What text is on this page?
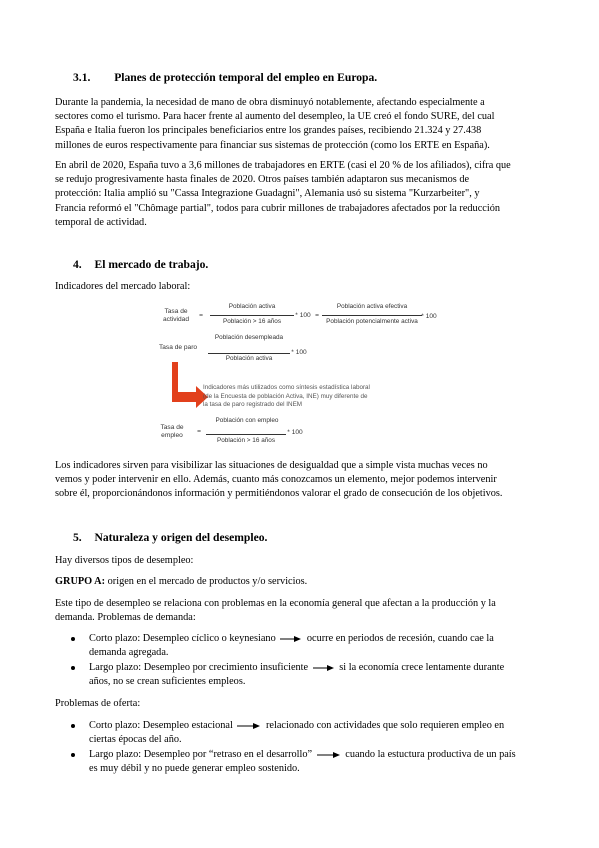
3.1. Planes de protección temporal del empleo en Europa.
Durante la pandemia, la necesidad de mano de obra disminuyó notablemente, afectando especialmente a
sectores como el turismo. Para hacer frente al aumento del desempleo, la UE creó el fondo SURE, del cual
España e Italia fueron los principales beneficiarios entre los grandes países, recibiendo 21.324 y 27.438
millones de euros respectivamente para financiar sus sistemas de protección (como los ERTE en España).
En abril de 2020, España tuvo a 3,6 millones de trabajadores en ERTE (casi el 20 % de los afiliados), cifra que
se redujo progresivamente hasta finales de 2020. Otros países también adaptaron sus mecanismos de
protección: Italia amplió su "Cassa Integrazione Guadagni", Alemania usó su sistema "Kurzarbeiter", y
Francia reformó el "Chômage partial", todos para cubrir millones de trabajadores afectados por la reducción
temporal de actividad.
4. El mercado de trabajo.
Indicadores del mercado laboral:
Tasa de actividad
=
Población activa
Población > 16 años
* 100 =
Población activa efectiva
Población potencialmente activa
* 100
Tasa de paro
Población desempleada
Población activa
* 100
Indicadores más utilizados como síntesis estadística laboral
(de la Encuesta de población Activa, INE) muy diferente de
la tasa de paro registrado del INEM
Tasa de empleo
=
Población con empleo
Población > 16 años
* 100
Los indicadores sirven para visibilizar las situaciones de desigualdad que a simple vista muchas veces no
vemos y poder intervenir en ello. Además, cuanto más conozcamos un elemento, mejor podemos intervenir
sobre él, proporcionándonos información y permitiéndonos valorar el grado de consecución de los objetivos.
5. Naturaleza y origen del desempleo.
Hay diversos tipos de desempleo:
GRUPO A: origen en el mercado de productos y/o servicios.
Este tipo de desempleo se relaciona con problemas en la economía general que afectan a la producción y la
demanda. Problemas de demanda:
Corto plazo: Desempleo cíclico o keynesiano	ocurre en periodos de recesión, cuando cae la
demanda agregada.
Largo plazo: Desempleo por crecimiento insuficiente	si la economía crece lentamente durante
años, no se crean suficientes empleos.
Problemas de oferta:
Corto plazo: Desempleo estacional	relacionado con actividades que solo requieren empleo en
ciertas épocas del año.
Largo plazo: Desempleo por “retraso en el desarrollo”	cuando la estuctura productiva de un país
es muy débil y no puede generar empleo sostenido.
